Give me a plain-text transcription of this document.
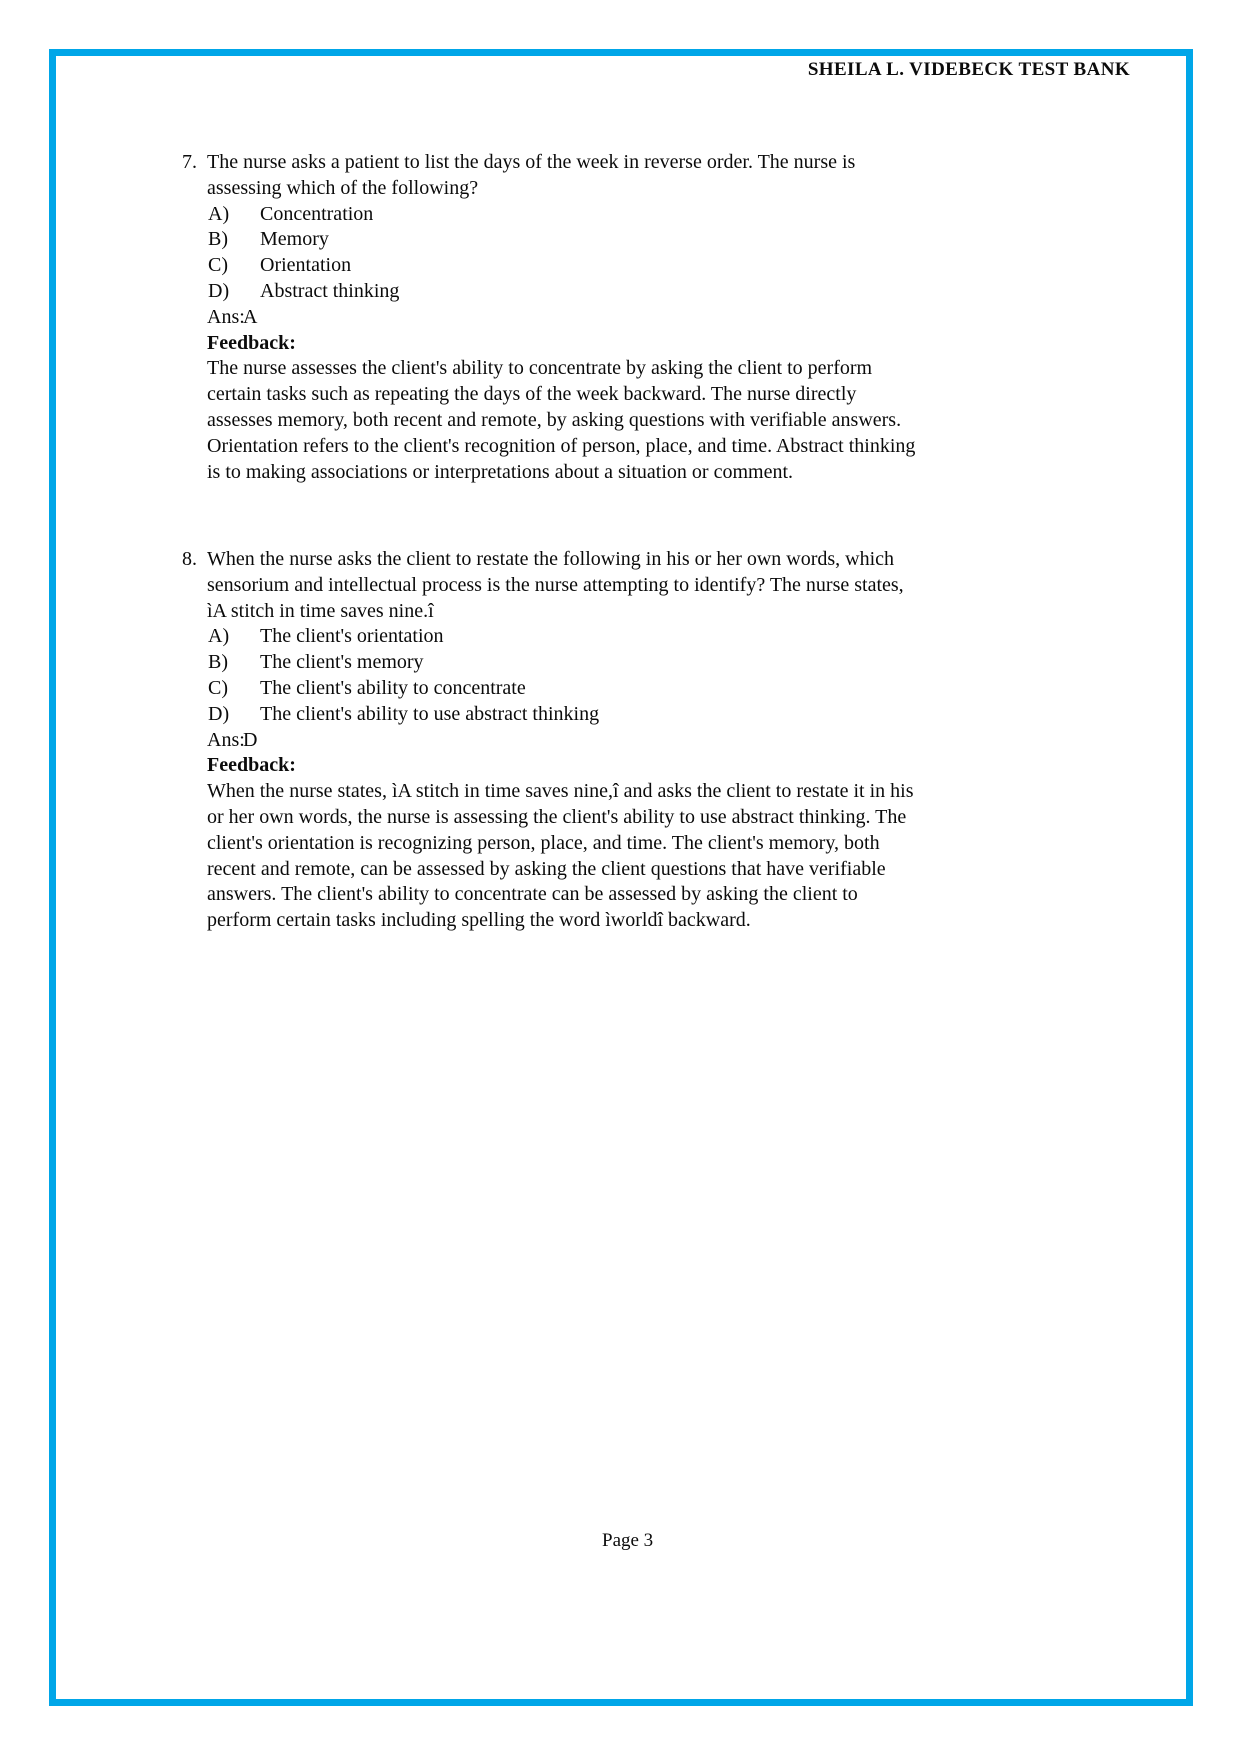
SHEILA L. VIDEBECK TEST BANK
7. The nurse asks a patient to list the days of the week in reverse order. The nurse is
assessing which of the following?
A) Concentration
B) Memory
C) Orientation
D) Abstract thinking
Ans:A
Feedback:
The nurse assesses the client's ability to concentrate by asking the client to perform
certain tasks such as repeating the days of the week backward. The nurse directly
assesses memory, both recent and remote, by asking questions with verifiable answers.
Orientation refers to the client's recognition of person, place, and time. Abstract thinking
is to making associations or interpretations about a situation or comment.
8. When the nurse asks the client to restate the following in his or her own words, which
sensorium and intellectual process is the nurse attempting to identify? The nurse states,
ìA stitch in time saves nine.î
A) The client's orientation
B) The client's memory
C) The client's ability to concentrate
D) The client's ability to use abstract thinking
Ans:D
Feedback:
When the nurse states, ìA stitch in time saves nine,î and asks the client to restate it in his
or her own words, the nurse is assessing the client's ability to use abstract thinking. The
client's orientation is recognizing person, place, and time. The client's memory, both
recent and remote, can be assessed by asking the client questions that have verifiable
answers. The client's ability to concentrate can be assessed by asking the client to
perform certain tasks including spelling the word ìworldî backward.
Page 3
